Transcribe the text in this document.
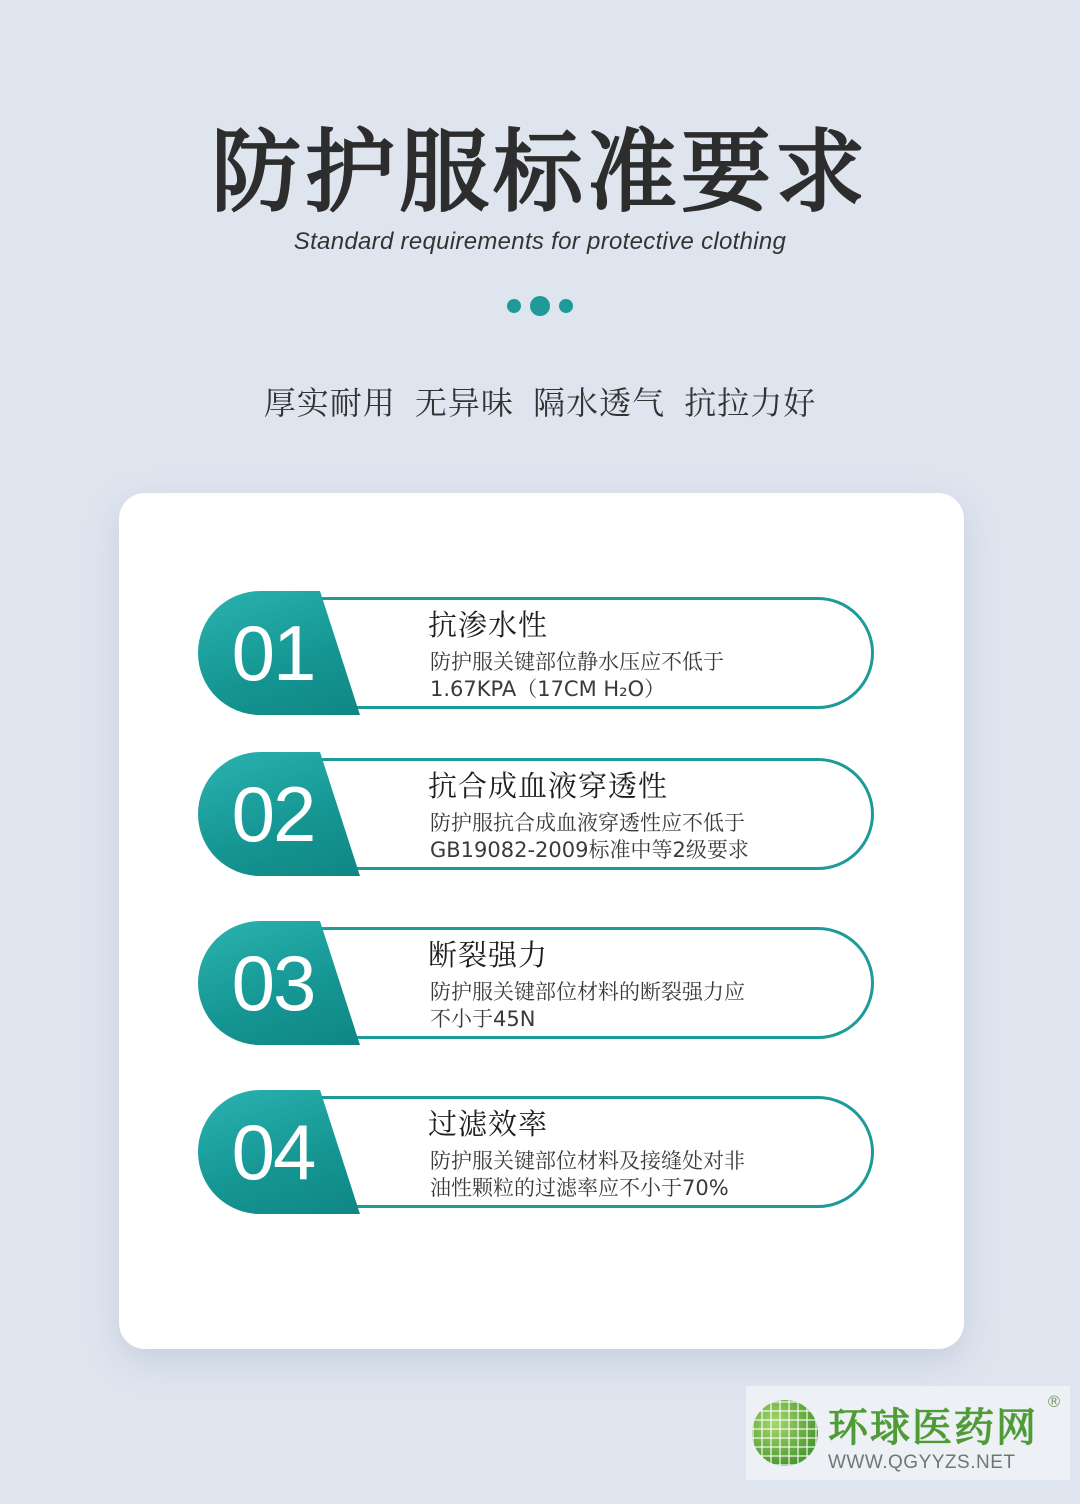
防护服标准要求
Standard requirements for protective clothing
厚实耐用 无异味 隔水透气 抗拉力好
01	抗渗水性
防护服关键部位静水压应不低于
1.67KPA（17CM H₂O）
02	抗合成血液穿透性
防护服抗合成血液穿透性应不低于
GB19082-2009标准中等2级要求
03	断裂强力
防护服关键部位材料的断裂强力应
不小于45N
04	过滤效率
防护服关键部位材料及接缝处对非
油性颗粒的过滤率应不小于70%
环球医药网
®
WWW.QGYYZS.NET
